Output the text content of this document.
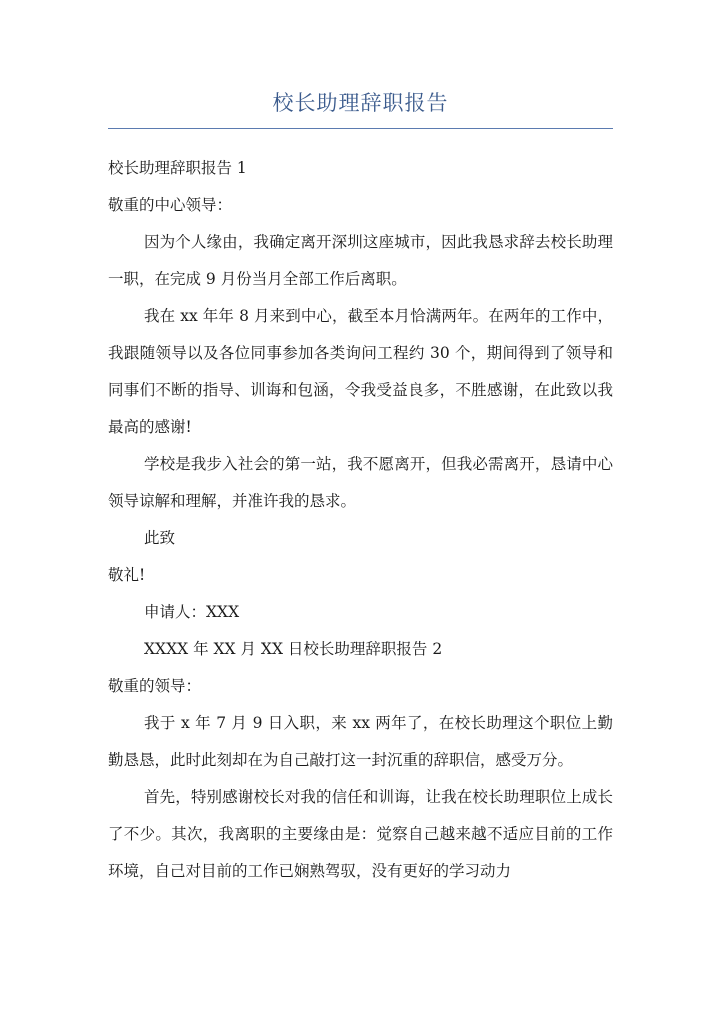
校长助理辞职报告

校长助理辞职报告 1

敬重的中心领导：

因为个人缘由，我确定离开深圳这座城市，因此我恳求辞去校长助理一职，在完成 9 月份当月全部工作后离职。

我在 xx 年年 8 月来到中心，截至本月恰满两年。在两年的工作中，我跟随领导以及各位同事参加各类询问工程约 30 个，期间得到了领导和同事们不断的指导、训诲和包涵，令我受益良多，不胜感谢，在此致以我最高的感谢!

学校是我步入社会的第一站，我不愿离开，但我必需离开，恳请中心领导谅解和理解，并准许我的恳求。

此致

敬礼!

申请人：XXX

XXXX 年 XX 月 XX 日校长助理辞职报告 2

敬重的领导：

我于 x 年 7 月 9 日入职，来 xx 两年了，在校长助理这个职位上勤勤恳恳，此时此刻却在为自己敲打这一封沉重的辞职信，感受万分。

首先，特别感谢校长对我的信任和训诲，让我在校长助理职位上成长了不少。其次，我离职的主要缘由是：觉察自己越来越不适应目前的工作环境，自己对目前的工作已娴熟驾驭，没有更好的学习动力
